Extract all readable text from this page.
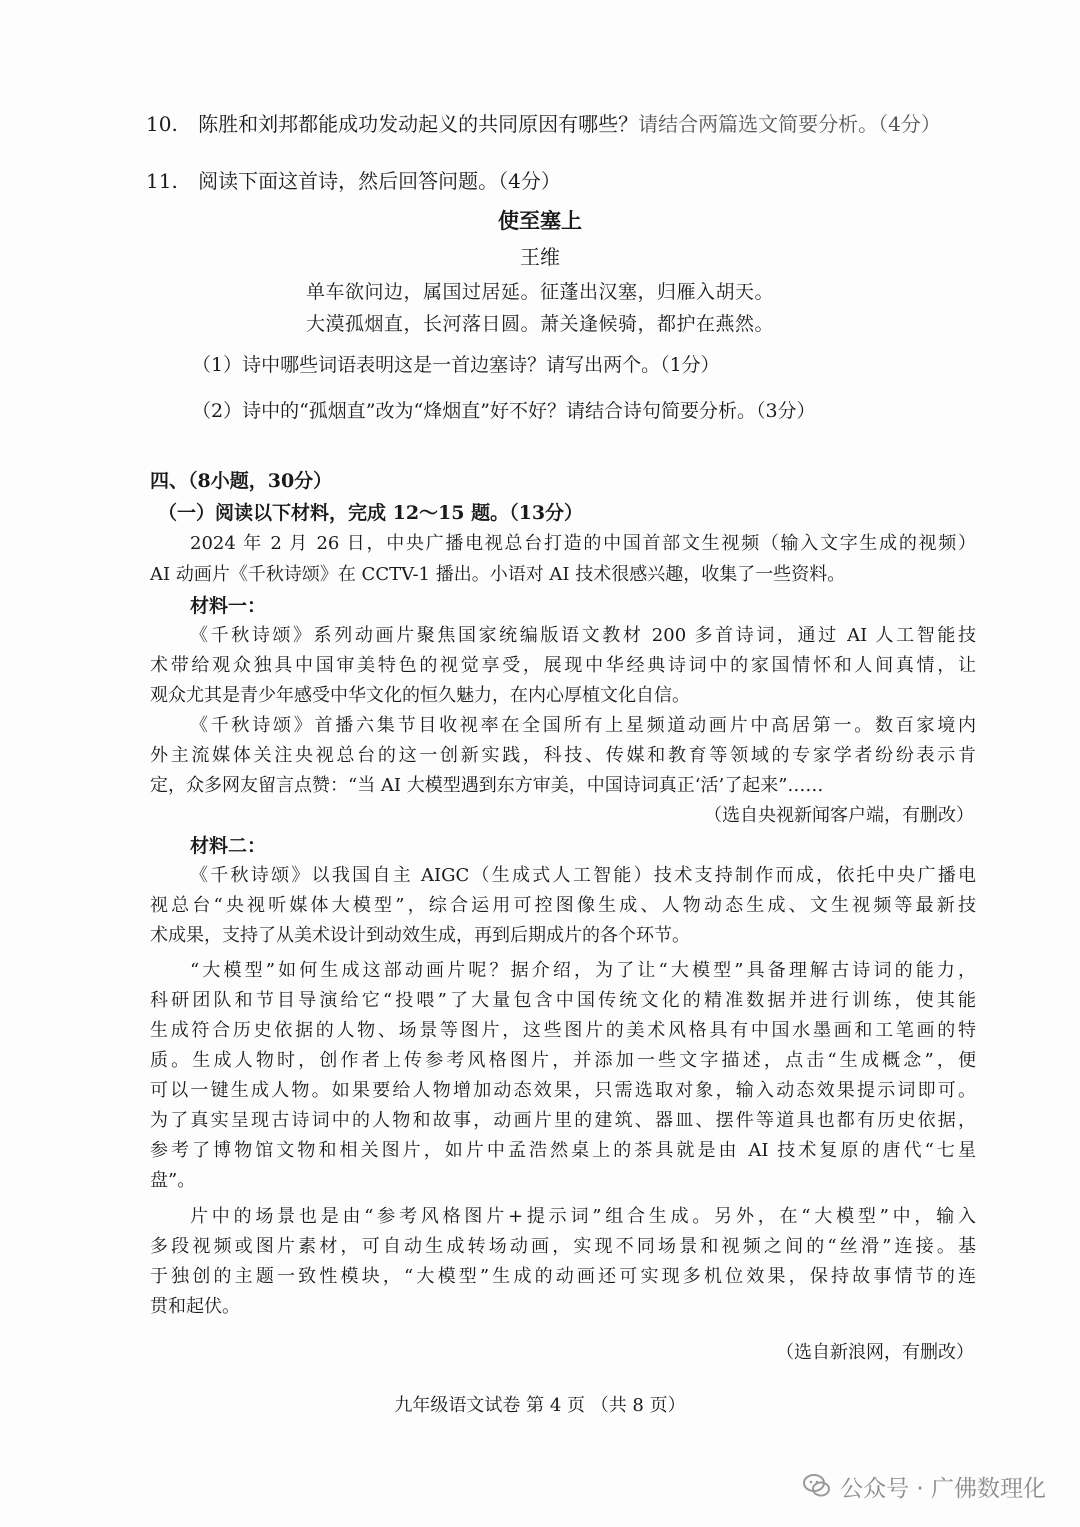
10. 陈胜和刘邦都能成功发动起义的共同原因有哪些？请结合两篇选文简要分析。（4分）
11. 阅读下面这首诗，然后回答问题。（4分）
使至塞上
王维
单车欲问边，属国过居延。征蓬出汉塞，归雁入胡天。
大漠孤烟直，长河落日圆。萧关逢候骑，都护在燕然。
（1）诗中哪些词语表明这是一首边塞诗？请写出两个。（1分）
（2）诗中的“孤烟直”改为“烽烟直”好不好？请结合诗句简要分析。（3分）
四、（8小题，30分）
（一）阅读以下材料，完成 12～15 题。（13分）
2024 年 2 月 26 日，中央广播电视总台打造的中国首部文生视频（输入文字生成的视频）
AI 动画片《千秋诗颂》在 CCTV-1 播出。小语对 AI 技术很感兴趣，收集了一些资料。
材料一：
《千秋诗颂》系列动画片聚焦国家统编版语文教材 200 多首诗词，通过 AI 人工智能技
术带给观众独具中国审美特色的视觉享受，展现中华经典诗词中的家国情怀和人间真情，让
观众尤其是青少年感受中华文化的恒久魅力，在内心厚植文化自信。
《千秋诗颂》首播六集节目收视率在全国所有上星频道动画片中高居第一。数百家境内
外主流媒体关注央视总台的这一创新实践，科技、传媒和教育等领域的专家学者纷纷表示肯
定，众多网友留言点赞：“当 AI 大模型遇到东方审美，中国诗词真正‘活’了起来”……
（选自央视新闻客户端，有删改）
材料二：
《千秋诗颂》以我国自主 AIGC（生成式人工智能）技术支持制作而成，依托中央广播电
视总台“央视听媒体大模型”，综合运用可控图像生成、人物动态生成、文生视频等最新技
术成果，支持了从美术设计到动效生成，再到后期成片的各个环节。
“大模型”如何生成这部动画片呢？据介绍，为了让“大模型”具备理解古诗词的能力，
科研团队和节目导演给它“投喂”了大量包含中国传统文化的精准数据并进行训练，使其能
生成符合历史依据的人物、场景等图片，这些图片的美术风格具有中国水墨画和工笔画的特
质。生成人物时，创作者上传参考风格图片，并添加一些文字描述，点击“生成概念”，便
可以一键生成人物。如果要给人物增加动态效果，只需选取对象，输入动态效果提示词即可。
为了真实呈现古诗词中的人物和故事，动画片里的建筑、器皿、摆件等道具也都有历史依据，
参考了博物馆文物和相关图片，如片中孟浩然桌上的茶具就是由 AI 技术复原的唐代“七星
盘”。
片中的场景也是由“参考风格图片+提示词”组合生成。另外，在“大模型”中，输入
多段视频或图片素材，可自动生成转场动画，实现不同场景和视频之间的“丝滑”连接。基
于独创的主题一致性模块，“大模型”生成的动画还可实现多机位效果，保持故事情节的连
贯和起伏。
（选自新浪网，有删改）
九年级语文试卷 第 4 页 （共 8 页）
公众号 · 广佛数理化
